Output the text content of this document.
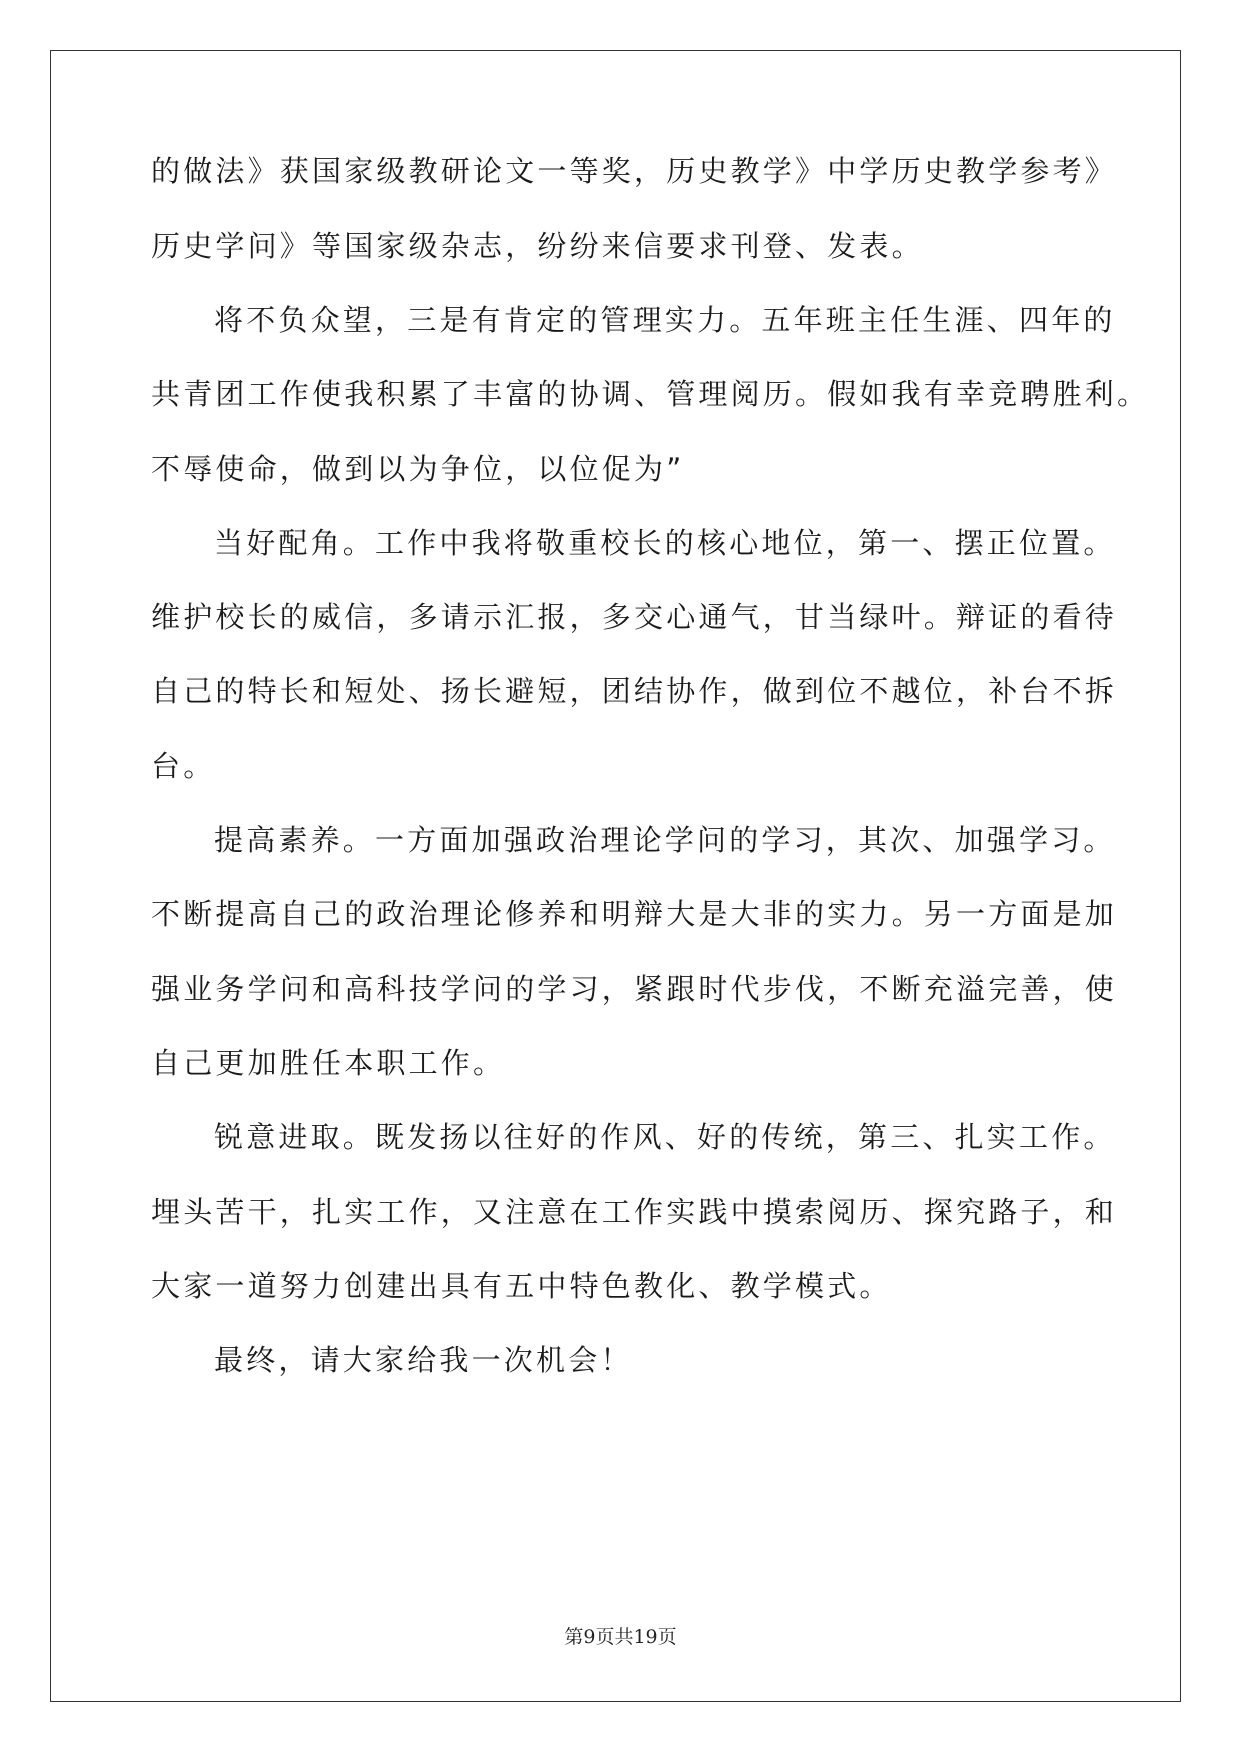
的做法》获国家级教研论文一等奖，历史教学》中学历史教学参考》

历史学问》等国家级杂志，纷纷来信要求刊登、发表。

将不负众望，三是有肯定的管理实力。五年班主任生涯、四年的

共青团工作使我积累了丰富的协调、管理阅历。假如我有幸竞聘胜利。

不辱使命，做到以为争位，以位促为”

当好配角。工作中我将敬重校长的核心地位，第一、摆正位置。

维护校长的威信，多请示汇报，多交心通气，甘当绿叶。辩证的看待

自己的特长和短处、扬长避短，团结协作，做到位不越位，补台不拆

台。

提高素养。一方面加强政治理论学问的学习，其次、加强学习。

不断提高自己的政治理论修养和明辩大是大非的实力。另一方面是加

强业务学问和高科技学问的学习，紧跟时代步伐，不断充溢完善，使

自己更加胜任本职工作。

锐意进取。既发扬以往好的作风、好的传统，第三、扎实工作。

埋头苦干，扎实工作，又注意在工作实践中摸索阅历、探究路子，和

大家一道努力创建出具有五中特色教化、教学模式。

最终，请大家给我一次机会！

第9页共19页
